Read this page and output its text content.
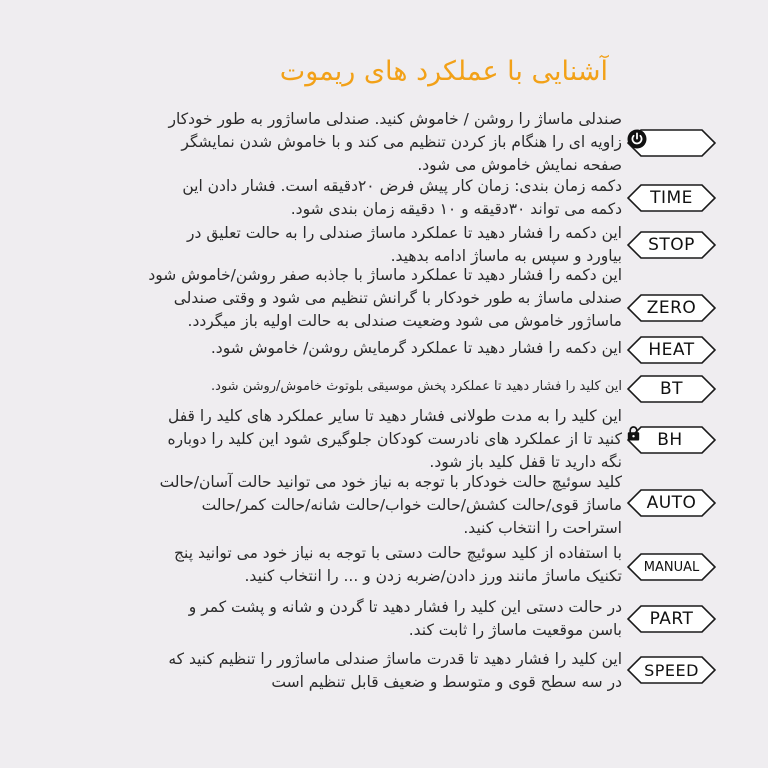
آشنایی با عملکرد های ریموت
صندلی ماساژ را روشن / خاموش کنید. صندلی ماساژور به طور خودکار
زاویه ای را هنگام باز کردن تنظیم می کند و با خاموش شدن نمایشگر
صفحه نمایش خاموش می شود.
TIME
دکمه زمان بندی: زمان کار پیش فرض ۲۰دقیقه است. فشار دادن این
دکمه می تواند ۳۰دقیقه و ۱۰ دقیقه زمان بندی شود.
STOP
این دکمه را فشار دهید تا عملکرد ماساژ صندلی را به حالت تعلیق در
بیاورد و سپس به ماساژ ادامه بدهید.
ZERO
این دکمه را فشار دهید تا عملکرد ماساژ با جاذبه صفر روشن/خاموش شود
صندلی ماساژ به طور خودکار با گرانش تنظیم می شود و وقتی صندلی
ماساژور خاموش می شود وضعیت صندلی به حالت اولیه باز میگردد.
HEAT
این دکمه را فشار دهید تا عملکرد گرمایش روشن/ خاموش شود.
BT
این کلید را فشار دهید تا عملکرد پخش موسیقی بلوتوث خاموش/روشن شود.
BH
این کلید را به مدت طولانی فشار دهید تا سایر عملکرد های کلید را قفل
کنید تا از عملکرد های نادرست کودکان جلوگیری شود این کلید را دوباره
نگه دارید تا قفل کلید باز شود.
AUTO
کلید سوئیچ حالت خودکار با توجه به نیاز خود می توانید حالت آسان/حالت
ماساژ قوی/حالت کشش/حالت خواب/حالت شانه/حالت کمر/حالت
استراحت را انتخاب کنید.
MANUAL
با استفاده از کلید سوئیچ حالت دستی با توجه به نیاز خود می توانید پنج
تکنیک ماساژ مانند ورز دادن/ضربه زدن و ... را انتخاب کنید.
PART
در حالت دستی این کلید را فشار دهید تا گردن و شانه و پشت کمر و
باسن موقعیت ماساژ را ثابت کند.
SPEED
این کلید را فشار دهید تا قدرت ماساژ صندلی ماساژور را تنظیم کنید که
در سه سطح قوی و متوسط و ضعیف قابل تنظیم است
